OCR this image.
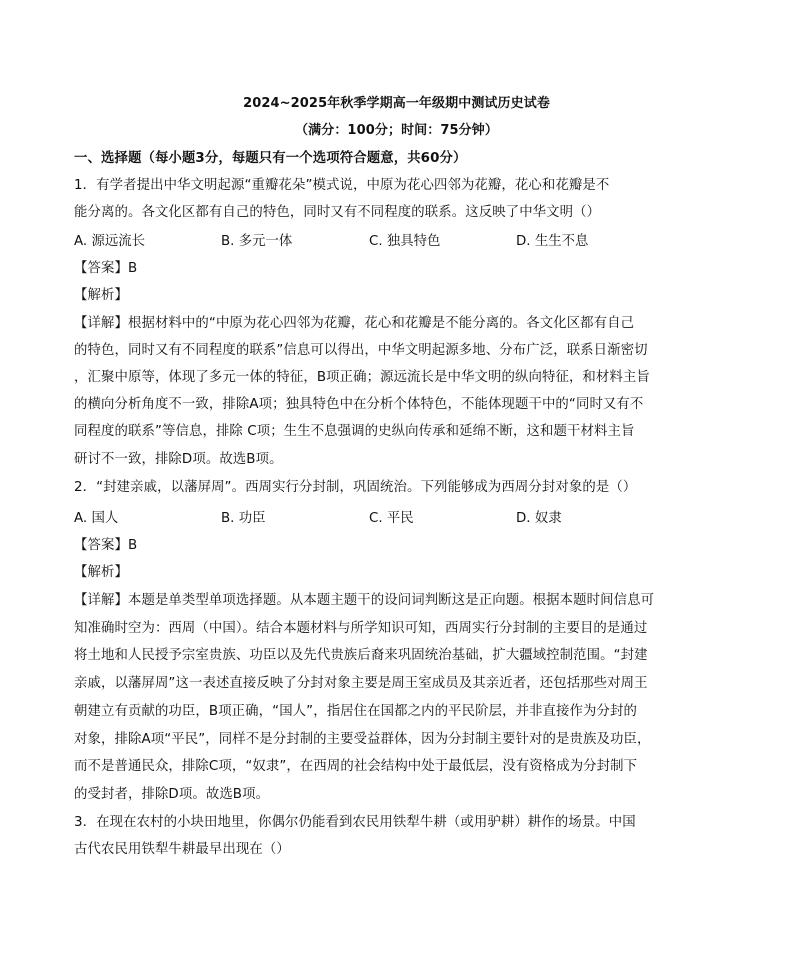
2024~2025年秋季学期高一年级期中测试历史试卷
（满分：100分；时间：75分钟）
一、选择题（每小题3分，每题只有一个选项符合题意，共60分）
1．有学者提出中华文明起源“重瓣花朵”模式说，中原为花心四邻为花瓣，花心和花瓣是不
能分离的。各文化区都有自己的特色，同时又有不同程度的联系。这反映了中华文明（）
A. 源远流长	B. 多元一体	C. 独具特色	D. 生生不息
【答案】B
【解析】
【详解】根据材料中的“中原为花心四邻为花瓣，花心和花瓣是不能分离的。各文化区都有自己
的特色，同时又有不同程度的联系”信息可以得出，中华文明起源多地、分布广泛，联系日渐密切
，汇聚中原等，体现了多元一体的特征，B项正确；源远流长是中华文明的纵向特征，和材料主旨
的横向分析角度不一致，排除A项；独具特色中在分析个体特色，不能体现题干中的“同时又有不
同程度的联系”等信息，排除 C项；生生不息强调的史纵向传承和延绵不断，这和题干材料主旨
研讨不一致，排除D项。故选B项。
2．“封建亲戚，以藩屏周”。西周实行分封制，巩固统治。下列能够成为西周分封对象的是（）
A. 国人	B. 功臣	C. 平民	D. 奴隶
【答案】B
【解析】
【详解】本题是单类型单项选择题。从本题主题干的设问词判断这是正向题。根据本题时间信息可
知准确时空为：西周（中国）。结合本题材料与所学知识可知，西周实行分封制的主要目的是通过
将土地和人民授予宗室贵族、功臣以及先代贵族后裔来巩固统治基础，扩大疆域控制范围。“封建
亲戚，以藩屏周”这一表述直接反映了分封对象主要是周王室成员及其亲近者，还包括那些对周王
朝建立有贡献的功臣，B项正确，“国人”，指居住在国都之内的平民阶层，并非直接作为分封的
对象，排除A项“平民”，同样不是分封制的主要受益群体，因为分封制主要针对的是贵族及功臣，
而不是普通民众，排除C项，“奴隶”，在西周的社会结构中处于最低层，没有资格成为分封制下
的受封者，排除D项。故选B项。
3．在现在农村的小块田地里，你偶尔仍能看到农民用铁犁牛耕（或用驴耕）耕作的场景。中国
古代农民用铁犁牛耕最早出现在（）
